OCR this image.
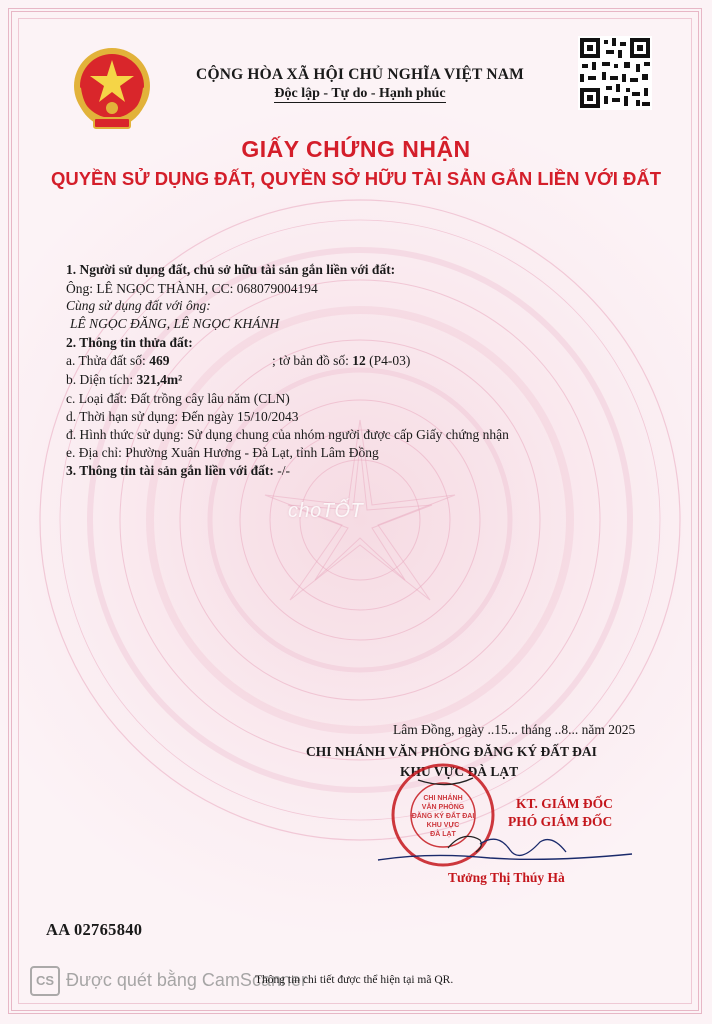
CỘNG HÒA XÃ HỘI CHỦ NGHĨA VIỆT NAM
Độc lập - Tự do - Hạnh phúc
GIẤY CHỨNG NHẬN
QUYỀN SỬ DỤNG ĐẤT, QUYỀN SỞ HỮU TÀI SẢN GẮN LIỀN VỚI ĐẤT
1. Người sử dụng đất, chủ sở hữu tài sản gắn liền với đất:
Ông: LÊ NGỌC THÀNH, CC: 068079004194
Cùng sử dụng đất với ông:
LÊ NGỌC ĐĂNG, LÊ NGỌC KHÁNH
2. Thông tin thửa đất:
a. Thửa đất số: 469	; tờ bản đồ số: 12 (P4-03)
b. Diện tích: 321,4m²
c. Loại đất: Đất trồng cây lâu năm (CLN)
d. Thời hạn sử dụng: Đến ngày 15/10/2043
đ. Hình thức sử dụng: Sử dụng chung của nhóm người được cấp Giấy chứng nhận
e. Địa chỉ: Phường Xuân Hương - Đà Lạt, tỉnh Lâm Đồng
3. Thông tin tài sản gắn liền với đất: -/-
choTỐT
Lâm Đồng, ngày ..15... tháng ..8... năm 2025
CHI NHÁNH VĂN PHÒNG ĐĂNG KÝ ĐẤT ĐAI
KHU VỰC ĐÀ LẠT
CHI NHÁNH
VĂN PHÒNG
ĐĂNG KÝ ĐẤT ĐAI
KHU VỰC
ĐÀ LẠT
KT. GIÁM ĐỐC
PHÓ GIÁM ĐỐC
Tưởng Thị Thúy Hà
AA 02765840
CS Được quét bằng CamScanner
Thông tin chi tiết được thể hiện tại mã QR.
